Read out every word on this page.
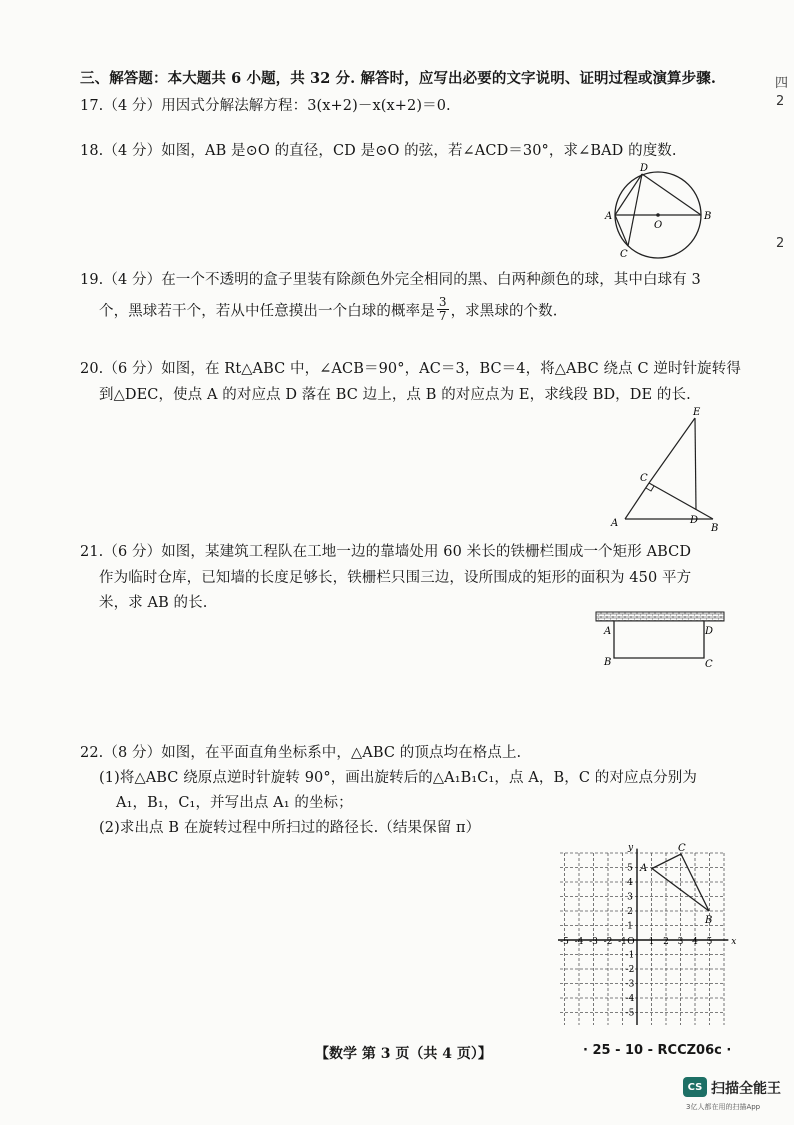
四
2
2
三、解答题：本大题共 6 小题，共 32 分. 解答时，应写出必要的文字说明、证明过程或演算步骤.
17.（4 分）用因式分解法解方程：3(x+2)－x(x+2)＝0.
18.（4 分）如图，AB 是⊙O 的直径，CD 是⊙O 的弦，若∠ACD＝30°，求∠BAD 的度数.
D
A	B
O
C
19.（4 分）在一个不透明的盒子里装有除颜色外完全相同的黑、白两种颜色的球，其中白球有 3
个，黑球若干个，若从中任意摸出一个白球的概率是 $\frac{3}{7}$ ，求黑球的个数.
20.（6 分）如图，在 Rt△ABC 中，∠ACB＝90°，AC＝3，BC＝4，将△ABC 绕点 C 逆时针旋转得
到△DEC，使点 A 的对应点 D 落在 BC 边上，点 B 的对应点为 E，求线段 BD，DE 的长.
E
C
D
A	B
21.（6 分）如图，某建筑工程队在工地一边的靠墙处用 60 米长的铁栅栏围成一个矩形 ABCD
作为临时仓库，已知墙的长度足够长，铁栅栏只围三边，设所围成的矩形的面积为 450 平方
米，求 AB 的长.
A	D
B	C
22.（8 分）如图，在平面直角坐标系中，△ABC 的顶点均在格点上.
(1)将△ABC 绕原点逆时针旋转 90°，画出旋转后的△A₁B₁C₁，点 A，B，C 的对应点分别为
A₁，B₁，C₁，并写出点 A₁ 的坐标；
(2)求出点 B 在旋转过程中所扫过的路径长.（结果保留 π）
-5 -4 -3 -2 -1 1 2 3 4 5
5
4
3
2
1
-1
-2
-3
-4
-5
O	x
y
A
C
B
【数学 第 3 页（共 4 页）】	· 25 - 10 - RCCZ06c ·
CS 扫描全能王
3亿人都在用的扫描App
